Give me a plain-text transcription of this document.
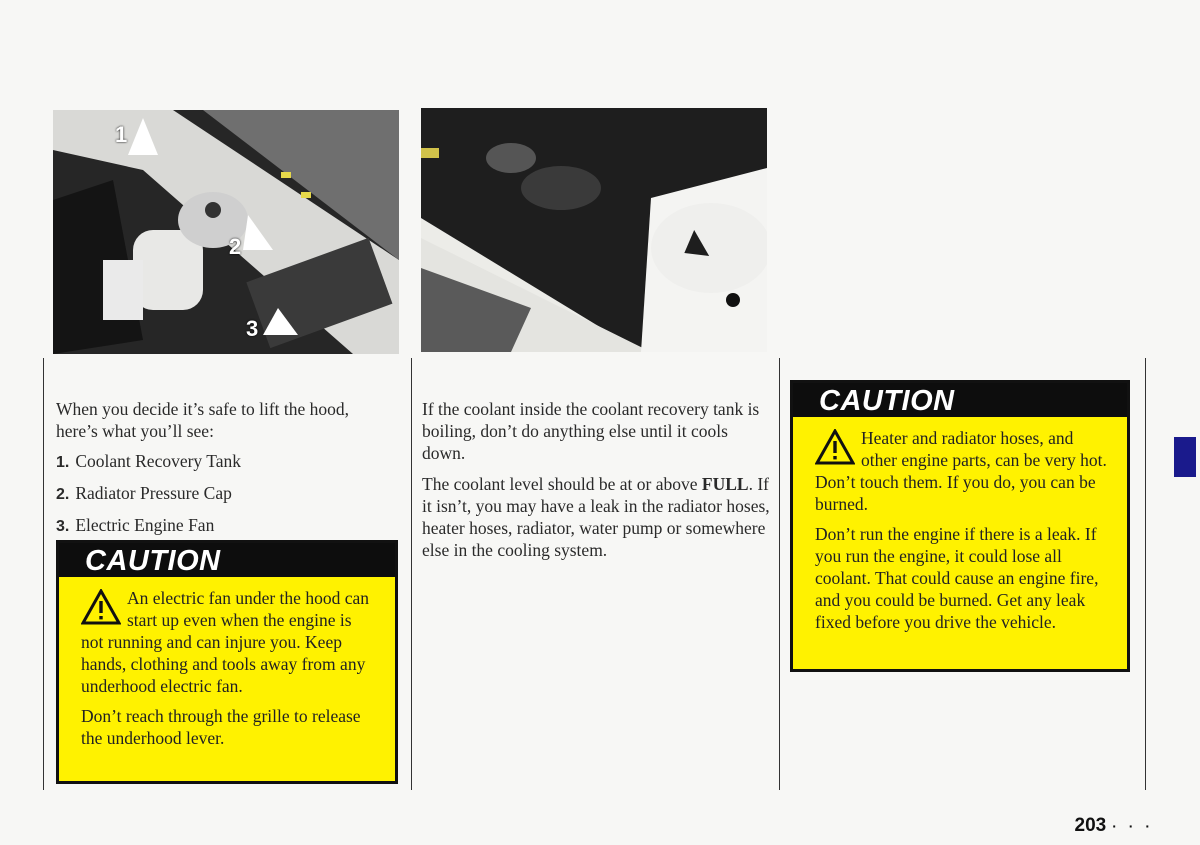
1
2
3

When you decide it’s safe to lift the hood, here’s what you’ll see:

1. Coolant Recovery Tank
2. Radiator Pressure Cap
3. Electric Engine Fan
CAUTION

An electric fan under the hood can start up even when the engine is not running and can injure you. Keep hands, clothing and tools away from any underhood electric fan.

Don’t reach through the grille to release the underhood lever.

If the coolant inside the coolant recovery tank is boiling, don’t do anything else until it cools down.

The coolant level should be at or above FULL. If it isn’t, you may have a leak in the radiator hoses, heater hoses, radiator, water pump or somewhere else in the cooling system.

CAUTION

Heater and radiator hoses, and other engine parts, can be very hot. Don’t touch them. If you do, you can be burned.

Don’t run the engine if there is a leak. If you run the engine, it could lose all coolant. That could cause an engine fire, and you could be burned. Get any leak fixed before you drive the vehicle.

203 · · ·
